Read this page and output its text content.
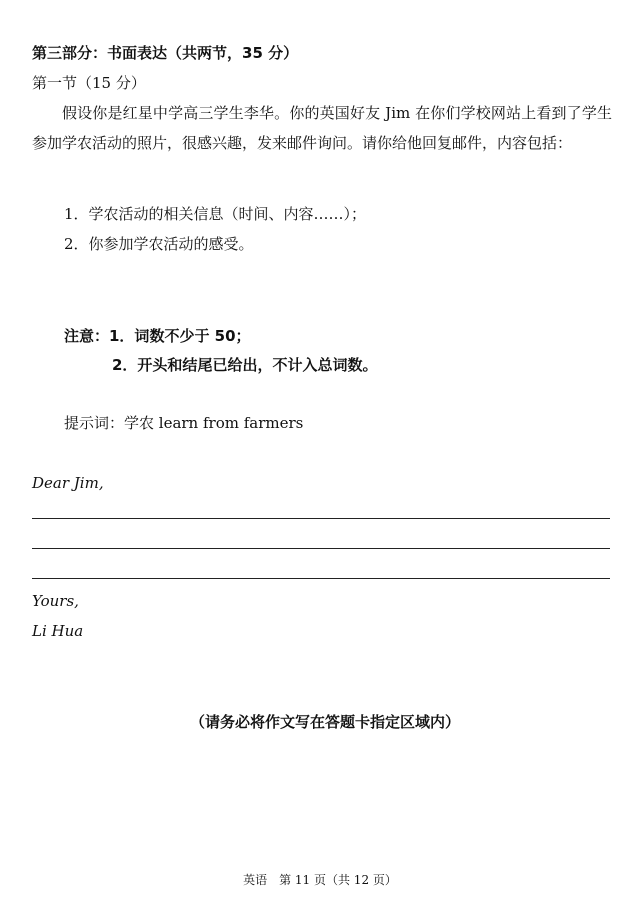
第三部分：书面表达（共两节，35 分）
第一节（15 分）
假设你是红星中学高三学生李华。你的英国好友 Jim 在你们学校网站上看到了学生参加学农活动的照片，很感兴趣，发来邮件询问。请你给他回复邮件，内容包括：
1．学农活动的相关信息（时间、内容……）；
2．你参加学农活动的感受。
注意：1．词数不少于 50；
2．开头和结尾已给出，不计入总词数。
提示词：学农 learn from farmers
Dear Jim,
Yours,
Li Hua
（请务必将作文写在答题卡指定区域内）
英语　第 11 页（共 12 页）
